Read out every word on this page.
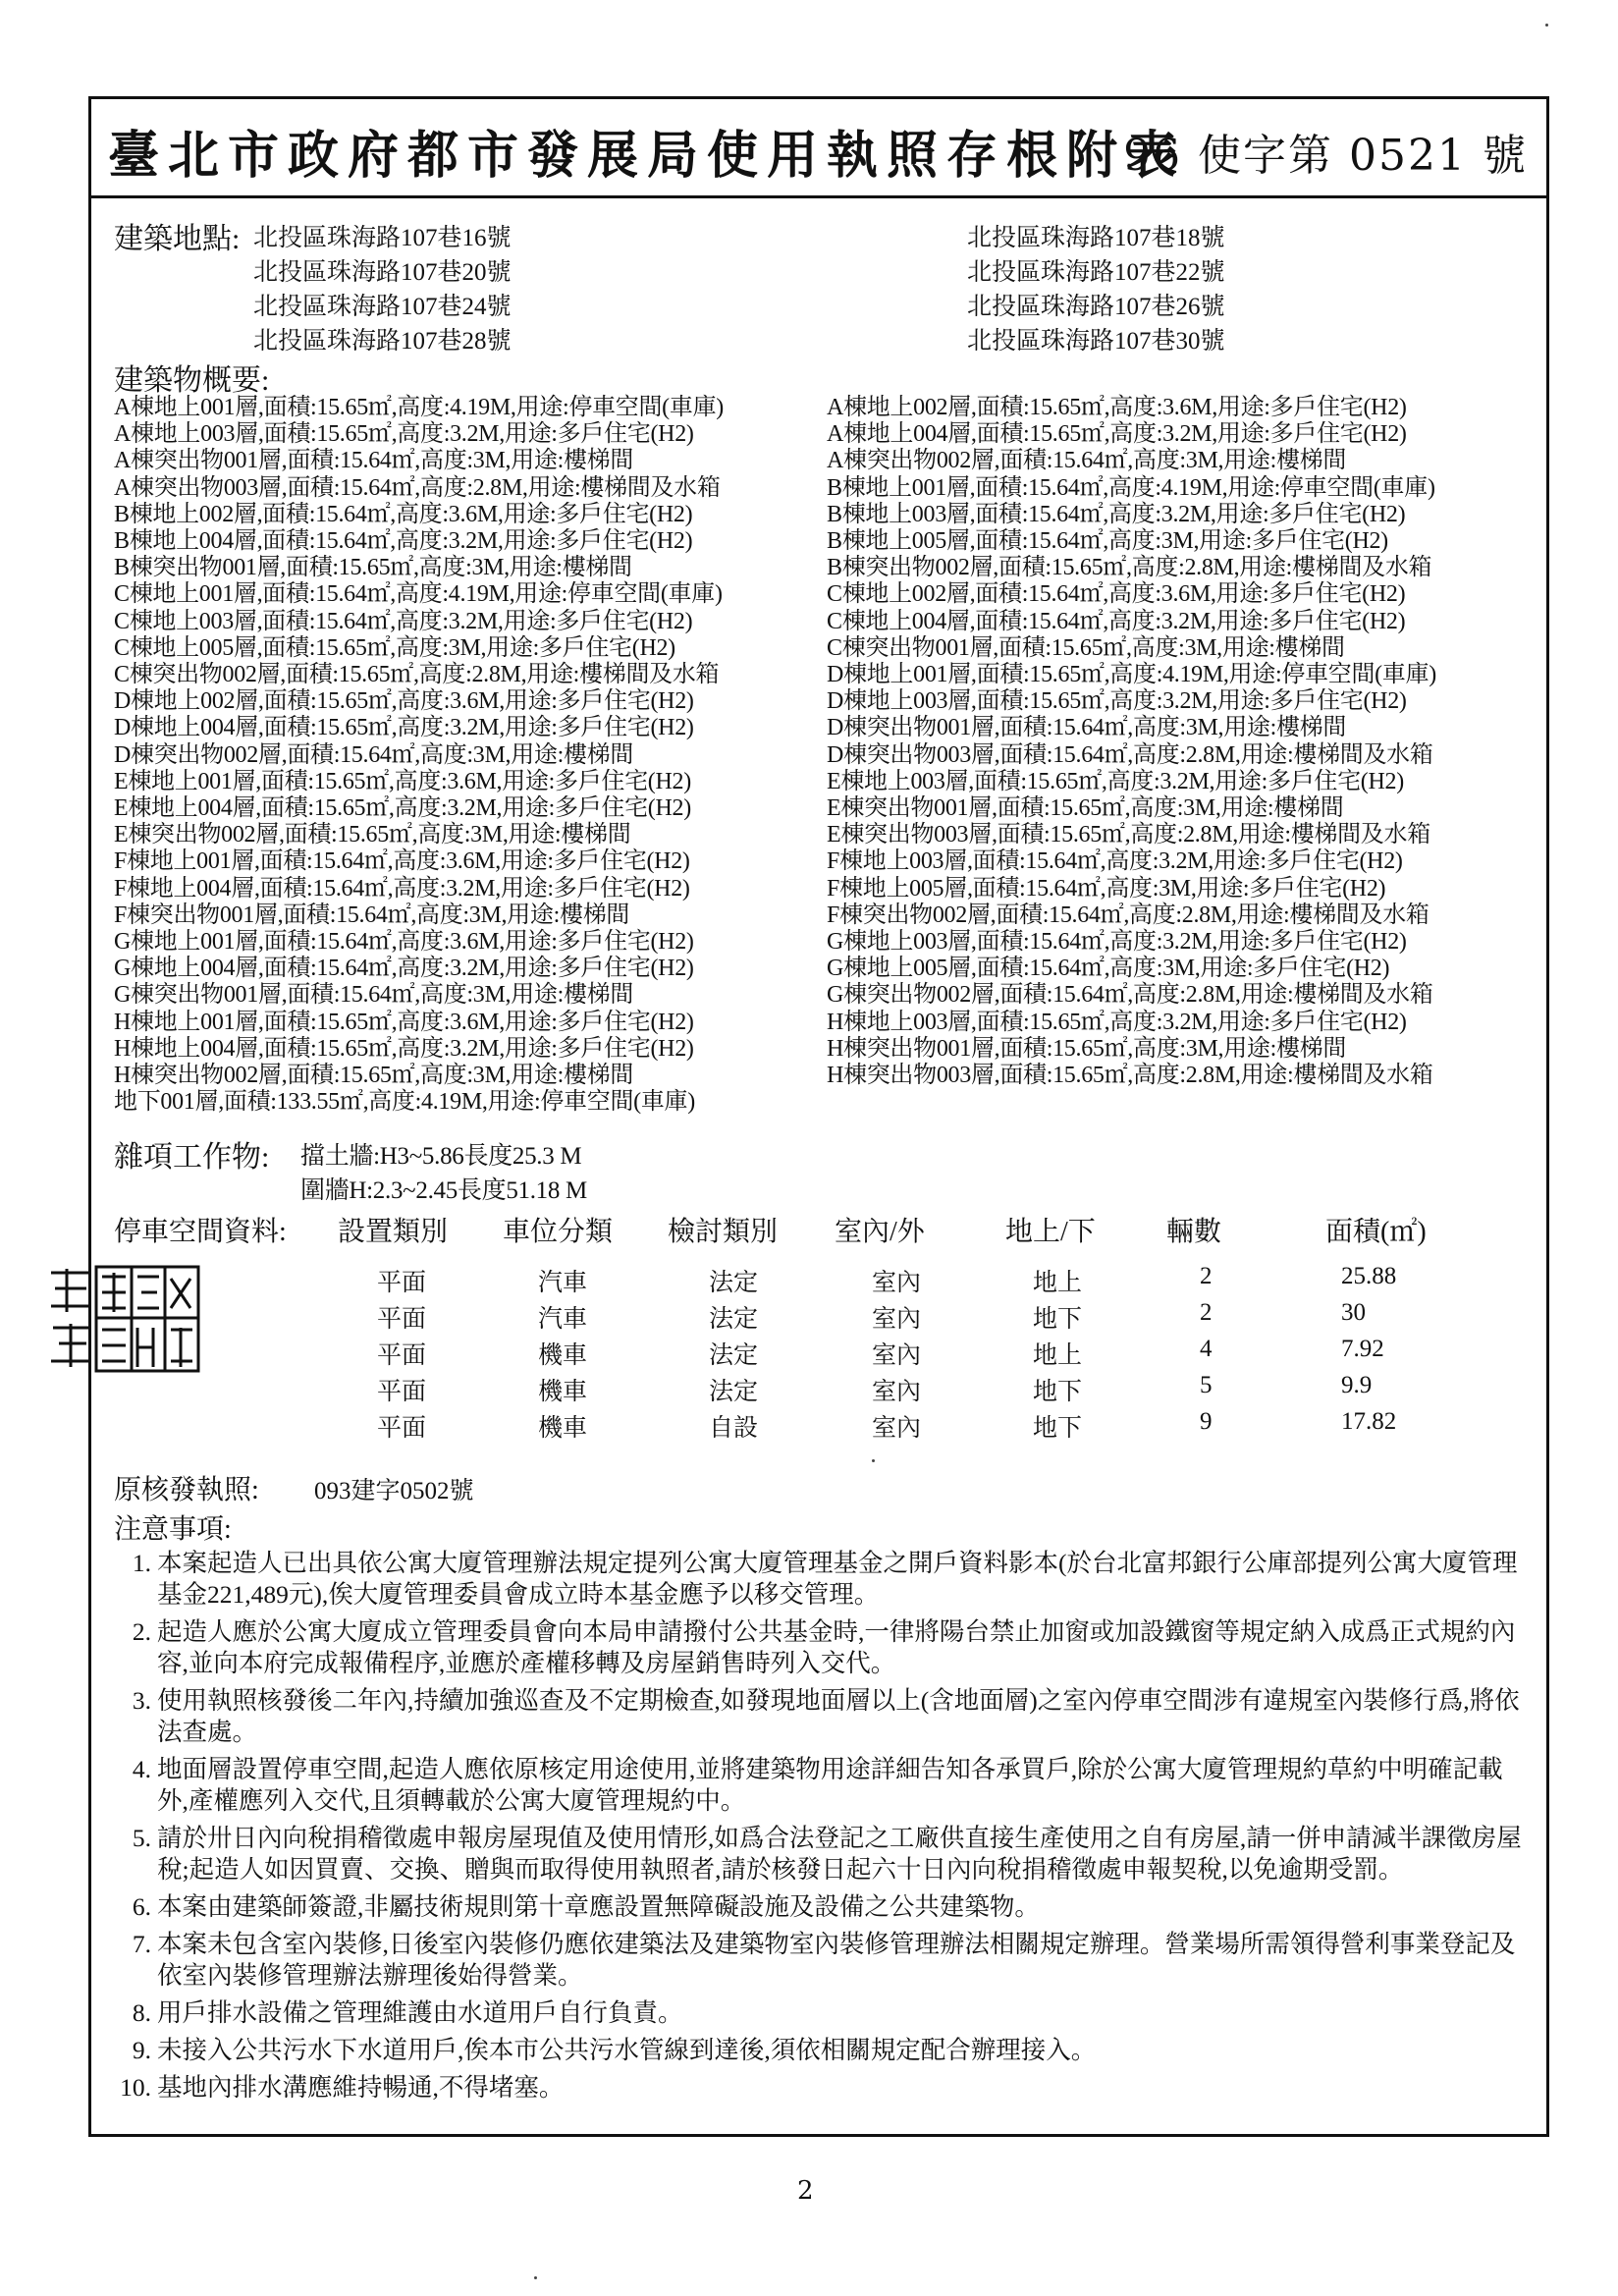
臺北市政府都市發展局使用執照存根附表
96 使字第 0521 號
建築地點: 北投區珠海路107巷16號	北投區珠海路107巷18號
北投區珠海路107巷20號	北投區珠海路107巷22號
北投區珠海路107巷24號	北投區珠海路107巷26號
北投區珠海路107巷28號	北投區珠海路107巷30號
建築物概要:
A棟地上001層,面積:15.65㎡,高度:4.19M,用途:停車空間(車庫)	A棟地上002層,面積:15.65㎡,高度:3.6M,用途:多戶住宅(H2)
A棟地上003層,面積:15.65㎡,高度:3.2M,用途:多戶住宅(H2)	A棟地上004層,面積:15.65㎡,高度:3.2M,用途:多戶住宅(H2)
A棟突出物001層,面積:15.64㎡,高度:3M,用途:樓梯間	A棟突出物002層,面積:15.64㎡,高度:3M,用途:樓梯間
A棟突出物003層,面積:15.64㎡,高度:2.8M,用途:樓梯間及水箱	B棟地上001層,面積:15.64㎡,高度:4.19M,用途:停車空間(車庫)
B棟地上002層,面積:15.64㎡,高度:3.6M,用途:多戶住宅(H2)	B棟地上003層,面積:15.64㎡,高度:3.2M,用途:多戶住宅(H2)
B棟地上004層,面積:15.64㎡,高度:3.2M,用途:多戶住宅(H2)	B棟地上005層,面積:15.64㎡,高度:3M,用途:多戶住宅(H2)
B棟突出物001層,面積:15.65㎡,高度:3M,用途:樓梯間	B棟突出物002層,面積:15.65㎡,高度:2.8M,用途:樓梯間及水箱
C棟地上001層,面積:15.64㎡,高度:4.19M,用途:停車空間(車庫)	C棟地上002層,面積:15.64㎡,高度:3.6M,用途:多戶住宅(H2)
C棟地上003層,面積:15.64㎡,高度:3.2M,用途:多戶住宅(H2)	C棟地上004層,面積:15.64㎡,高度:3.2M,用途:多戶住宅(H2)
C棟地上005層,面積:15.65㎡,高度:3M,用途:多戶住宅(H2)	C棟突出物001層,面積:15.65㎡,高度:3M,用途:樓梯間
C棟突出物002層,面積:15.65㎡,高度:2.8M,用途:樓梯間及水箱	D棟地上001層,面積:15.65㎡,高度:4.19M,用途:停車空間(車庫)
D棟地上002層,面積:15.65㎡,高度:3.6M,用途:多戶住宅(H2)	D棟地上003層,面積:15.65㎡,高度:3.2M,用途:多戶住宅(H2)
D棟地上004層,面積:15.65㎡,高度:3.2M,用途:多戶住宅(H2)	D棟突出物001層,面積:15.64㎡,高度:3M,用途:樓梯間
D棟突出物002層,面積:15.64㎡,高度:3M,用途:樓梯間	D棟突出物003層,面積:15.64㎡,高度:2.8M,用途:樓梯間及水箱
E棟地上001層,面積:15.65㎡,高度:3.6M,用途:多戶住宅(H2)	E棟地上003層,面積:15.65㎡,高度:3.2M,用途:多戶住宅(H2)
E棟地上004層,面積:15.65㎡,高度:3.2M,用途:多戶住宅(H2)	E棟突出物001層,面積:15.65㎡,高度:3M,用途:樓梯間
E棟突出物002層,面積:15.65㎡,高度:3M,用途:樓梯間	E棟突出物003層,面積:15.65㎡,高度:2.8M,用途:樓梯間及水箱
F棟地上001層,面積:15.64㎡,高度:3.6M,用途:多戶住宅(H2)	F棟地上003層,面積:15.64㎡,高度:3.2M,用途:多戶住宅(H2)
F棟地上004層,面積:15.64㎡,高度:3.2M,用途:多戶住宅(H2)	F棟地上005層,面積:15.64㎡,高度:3M,用途:多戶住宅(H2)
F棟突出物001層,面積:15.64㎡,高度:3M,用途:樓梯間	F棟突出物002層,面積:15.64㎡,高度:2.8M,用途:樓梯間及水箱
G棟地上001層,面積:15.64㎡,高度:3.6M,用途:多戶住宅(H2)	G棟地上003層,面積:15.64㎡,高度:3.2M,用途:多戶住宅(H2)
G棟地上004層,面積:15.64㎡,高度:3.2M,用途:多戶住宅(H2)	G棟地上005層,面積:15.64㎡,高度:3M,用途:多戶住宅(H2)
G棟突出物001層,面積:15.64㎡,高度:3M,用途:樓梯間	G棟突出物002層,面積:15.64㎡,高度:2.8M,用途:樓梯間及水箱
H棟地上001層,面積:15.65㎡,高度:3.6M,用途:多戶住宅(H2)	H棟地上003層,面積:15.65㎡,高度:3.2M,用途:多戶住宅(H2)
H棟地上004層,面積:15.65㎡,高度:3.2M,用途:多戶住宅(H2)	H棟突出物001層,面積:15.65㎡,高度:3M,用途:樓梯間
H棟突出物002層,面積:15.65㎡,高度:3M,用途:樓梯間	H棟突出物003層,面積:15.65㎡,高度:2.8M,用途:樓梯間及水箱
地下001層,面積:133.55㎡,高度:4.19M,用途:停車空間(車庫)
雜項工作物: 擋土牆:H3~5.86長度25.3 M
圍牆H:2.3~2.45長度51.18 M
停車空間資料: 設置類別 車位分類 檢討類別 室內/外	地上/下	輛數	面積(㎡)
平面	汽車	法定	室內	地上	2	25.88
平面	汽車	法定	室內	地下	2	30
平面	機車	法定	室內	地上	4	7.92
平面	機車	法定	室內	地下	5	9.9
平面	機車	自設	室內	地下	9	17.82
原核發執照: 093建字0502號
注意事項:
1. 本案起造人已出具依公寓大廈管理辦法規定提列公寓大廈管理基金之開戶資料影本(於台北富邦銀行公庫部提列公寓大廈管理基金221,489元),俟大廈管理委員會成立時本基金應予以移交管理。
2. 起造人應於公寓大廈成立管理委員會向本局申請撥付公共基金時,一律將陽台禁止加窗或加設鐵窗等規定納入成爲正式規約內容,並向本府完成報備程序,並應於產權移轉及房屋銷售時列入交代。
3. 使用執照核發後二年內,持續加強巡查及不定期檢查,如發現地面層以上(含地面層)之室內停車空間涉有違規室內裝修行爲,將依法查處。
4. 地面層設置停車空間,起造人應依原核定用途使用,並將建築物用途詳細告知各承買戶,除於公寓大廈管理規約草約中明確記載外,產權應列入交代,且須轉載於公寓大廈管理規約中。
5. 請於卅日內向稅捐稽徵處申報房屋現值及使用情形,如爲合法登記之工廠供直接生產使用之自有房屋,請一併申請減半課徵房屋稅;起造人如因買賣、交換、贈與而取得使用執照者,請於核發日起六十日內向稅捐稽徵處申報契稅,以免逾期受罰。
6. 本案由建築師簽證,非屬技術規則第十章應設置無障礙設施及設備之公共建築物。
7. 本案未包含室內裝修,日後室內裝修仍應依建築法及建築物室內裝修管理辦法相關規定辦理。營業場所需領得營利事業登記及依室內裝修管理辦法辦理後始得營業。
8. 用戶排水設備之管理維護由水道用戶自行負責。
9. 未接入公共污水下水道用戶,俟本市公共污水管線到達後,須依相關規定配合辦理接入。
10. 基地內排水溝應維持暢通,不得堵塞。
2
